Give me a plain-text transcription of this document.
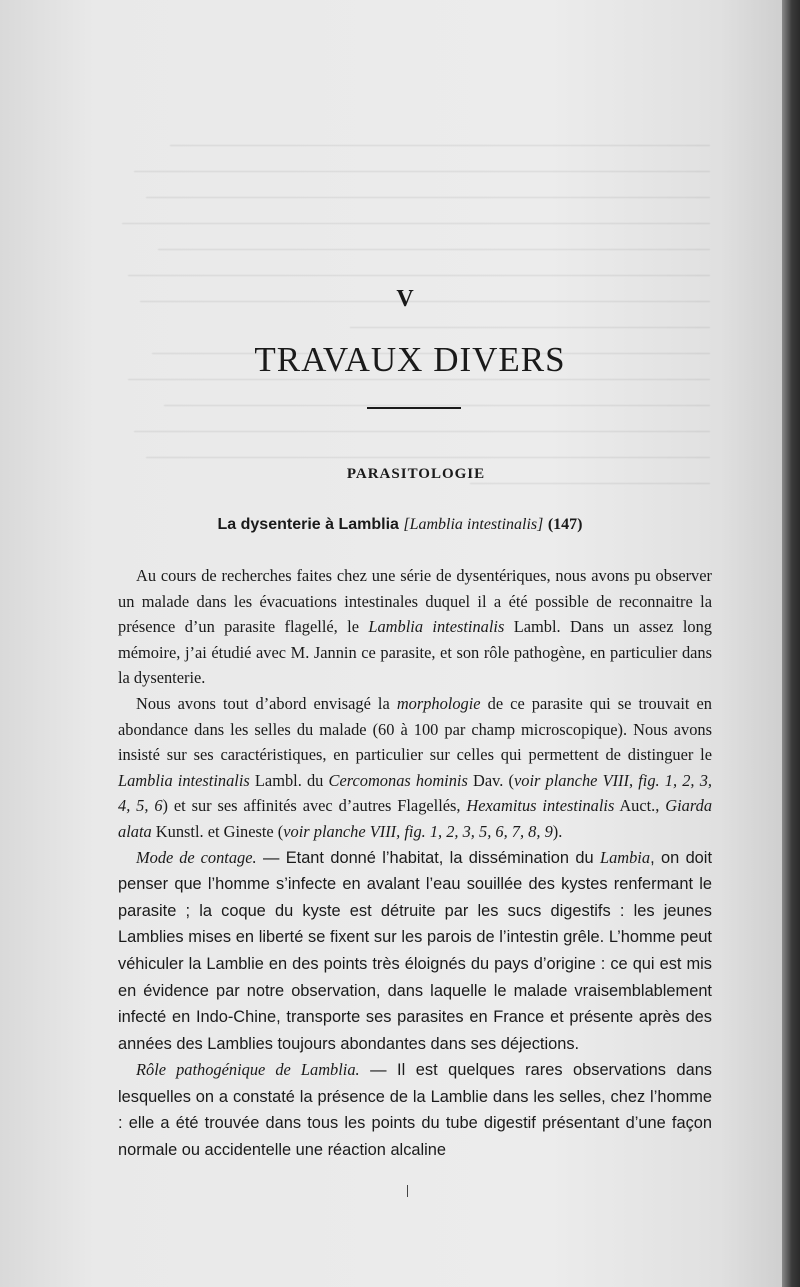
V
TRAVAUX DIVERS
PARASITOLOGIE
La dysenterie à Lamblia [Lamblia intestinalis] (147)

Au cours de recherches faites chez une série de dysentériques, nous avons pu observer un malade dans les évacuations intestinales duquel il a été possible de reconnaitre la présence d’un parasite flagellé, le Lamblia intestinalis Lambl. Dans un assez long mémoire, j’ai étudié avec M. Jannin ce parasite, et son rôle pathogène, en particulier dans la dysenterie.

Nous avons tout d’abord envisagé la morphologie de ce parasite qui se trouvait en abondance dans les selles du malade (60 à 100 par champ microscopique). Nous avons insisté sur ses caractéristiques, en particulier sur celles qui permettent de distinguer le Lamblia intestinalis Lambl. du Cercomonas hominis Dav. (voir planche VIII, fig. 1, 2, 3, 4, 5, 6) et sur ses affinités avec d’autres Flagellés, Hexamitus intestinalis Auct., Giarda alata Kunstl. et Gineste (voir planche VIII, fig. 1, 2, 3, 5, 6, 7, 8, 9).

Mode de contage. — Etant donné l’habitat, la dissémination du Lambia, on doit penser que l’homme s’infecte en avalant l’eau souillée des kystes renfermant le parasite ; la coque du kyste est détruite par les sucs digestifs : les jeunes Lamblies mises en liberté se fixent sur les parois de l’intestin grêle. L’homme peut véhiculer la Lamblie en des points très éloignés du pays d’origine : ce qui est mis en évidence par notre observation, dans laquelle le malade vraisemblablement infecté en Indo-Chine, transporte ses parasites en France et présente après des années des Lamblies toujours abondantes dans ses déjections.

Rôle pathogénique de Lamblia. — Il est quelques rares observations dans lesquelles on a constaté la présence de la Lamblie dans les selles, chez l’homme : elle a été trouvée dans tous les points du tube digestif présentant d’une façon normale ou accidentelle une réaction alcaline
